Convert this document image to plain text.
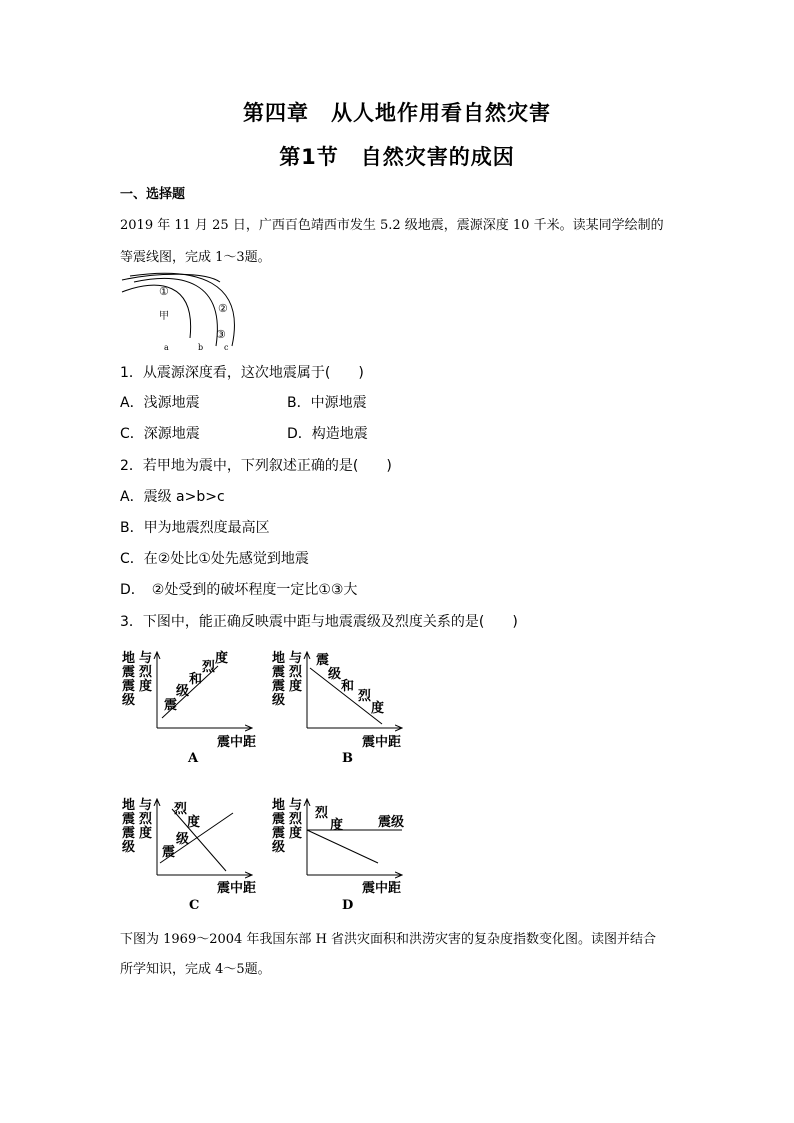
第四章　从人地作用看自然灾害
第1节　自然灾害的成因
一、选择题
2019 年 11 月 25 日，广西百色靖西市发生 5.2 级地震，震源深度 10 千米。读某同学绘制的
等震线图，完成 1～3题。
①
②
③
甲
a	b	c
1．从震源深度看，这次地震属于(　　)
A．浅源地震	B．中源地震
C．深源地震	D．构造地震
2．若甲地为震中，下列叙述正确的是(　　)
A．震级 a>b>c
B．甲为地震烈度最高区
C．在②处比①处先感觉到地震
D．　②处受到的破坏程度一定比①③大
3．下图中，能正确反映震中距与地震震级及烈度关系的是(　　)
地
震
震
级
与
烈
度
震
级
和
烈
度
震中距
A
地
震
震
级
与
烈
度
震
级
和
烈
度
震中距
B
地
震
震
级
与
烈
度
烈
度
级
震
震中距
C
地
震
震
级
与
烈
度
烈
度	震级
震中距
D
下图为 1969～2004 年我国东部 H 省洪灾面积和洪涝灾害的复杂度指数变化图。读图并结合
所学知识，完成 4～5题。
